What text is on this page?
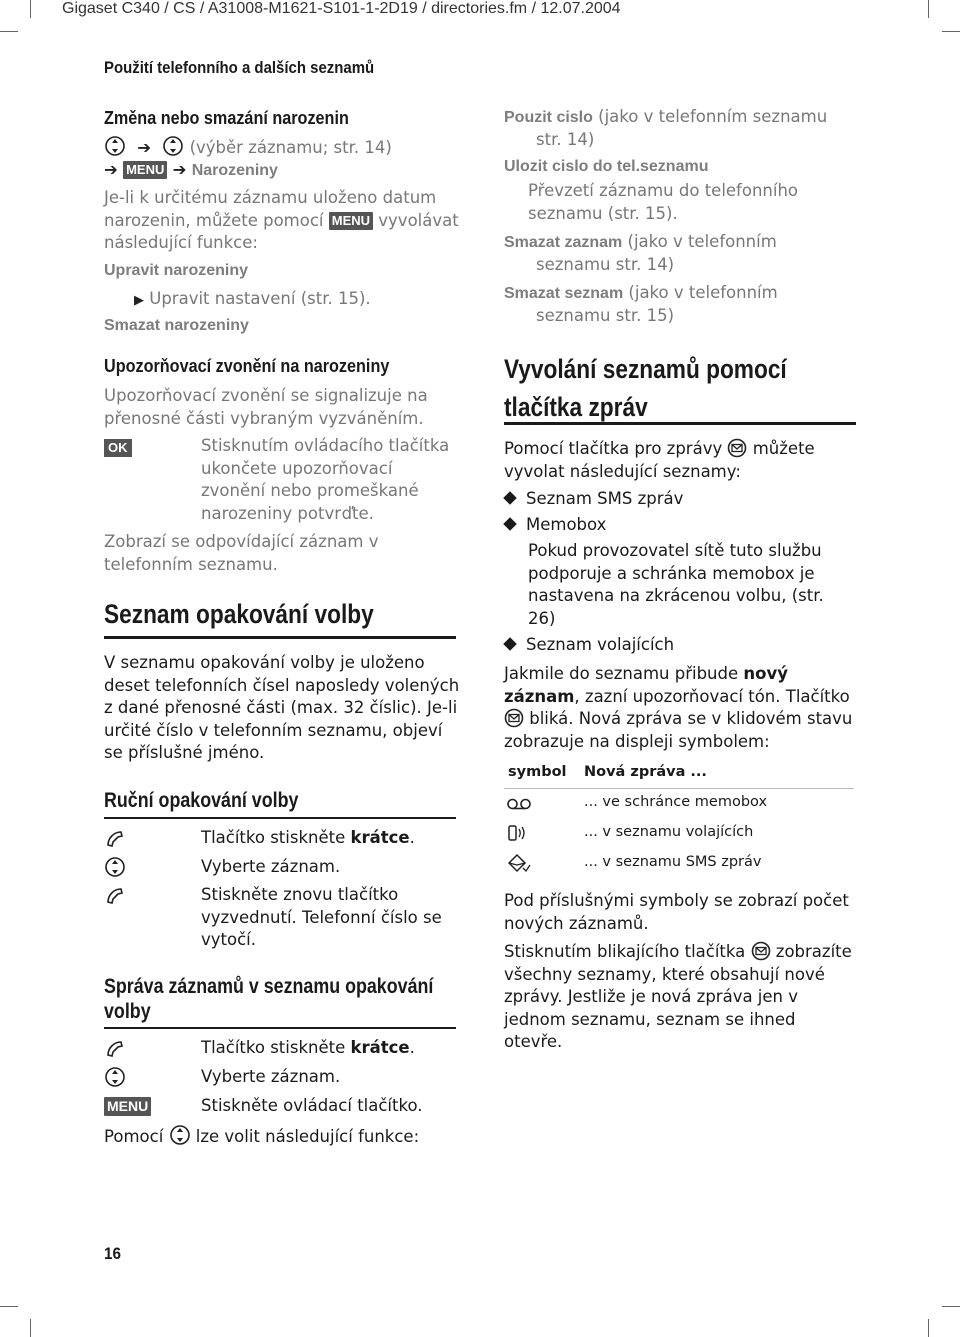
Gigaset C340 / CS / A31008-M1621-S101-1-2D19 / directories.fm / 12.07.2004
Použití telefonního a dalších seznamů
Změna nebo smazání narozenin
➔ (výběr záznamu; str. 14)
➔ MENU ➔ Narozeniny
Je-li k určitému záznamu uloženo datum narozenin, můžete pomocí MENU vyvolávat následující funkce:
Upravit narozeniny
▶ Upravit nastavení (str. 15).
Smazat narozeniny
Upozorňovací zvonění na narozeniny
Upozorňovací zvonění se signalizuje na přenosné části vybraným vyzváněním.
OK	Stisknutím ovládacího tlačítka ukončete upozorňovací zvonění nebo promeškané narozeniny potvrďte.
Zobrazí se odpovídající záznam v telefonním seznamu.
Seznam opakování volby
V seznamu opakování volby je uloženo deset telefonních čísel naposledy volených z dané přenosné části (max. 32 číslic). Je-li určité číslo v telefonním seznamu, objeví se příslušné jméno.
Ruční opakování volby
Tlačítko stiskněte krátce.
Vyberte záznam.
Stiskněte znovu tlačítko vyzvednutí. Telefonní číslo se vytočí.
Správa záznamů v seznamu opakování
volby
Tlačítko stiskněte krátce.
Vyberte záznam.
MENU	Stiskněte ovládací tlačítko.
Pomocí lze volit následující funkce:
16
Pouzit cislo (jako v telefonním seznamu
str. 14)
Ulozit cislo do tel.seznamu
Převzetí záznamu do telefonního seznamu (str. 15).
Smazat zaznam (jako v telefonním
seznamu str. 14)
Smazat seznam (jako v telefonním
seznamu str. 15)
Vyvolání seznamů pomocí
tlačítka zpráv
Pomocí tlačítka pro zprávy můžete vyvolat následující seznamy:
Seznam SMS zpráv
Memobox
Pokud provozovatel sítě tuto službu podporuje a schránka memobox je nastavena na zkrácenou volbu, (str. 26)
Seznam volajících
Jakmile do seznamu přibude nový záznam, zazní upozorňovací tón. Tlačítko  bliká. Nová zpráva se v klidovém stavu zobrazuje na displeji symbolem:
symbol Nová zpráva ...
... ve schránce memobox
... v seznamu volajících
... v seznamu SMS zpráv
Pod příslušnými symboly se zobrazí počet nových záznamů.
Stisknutím blikajícího tlačítka zobrazíte všechny seznamy, které obsahují nové zprávy. Jestliže je nová zpráva jen v jednom seznamu, seznam se ihned otevře.
